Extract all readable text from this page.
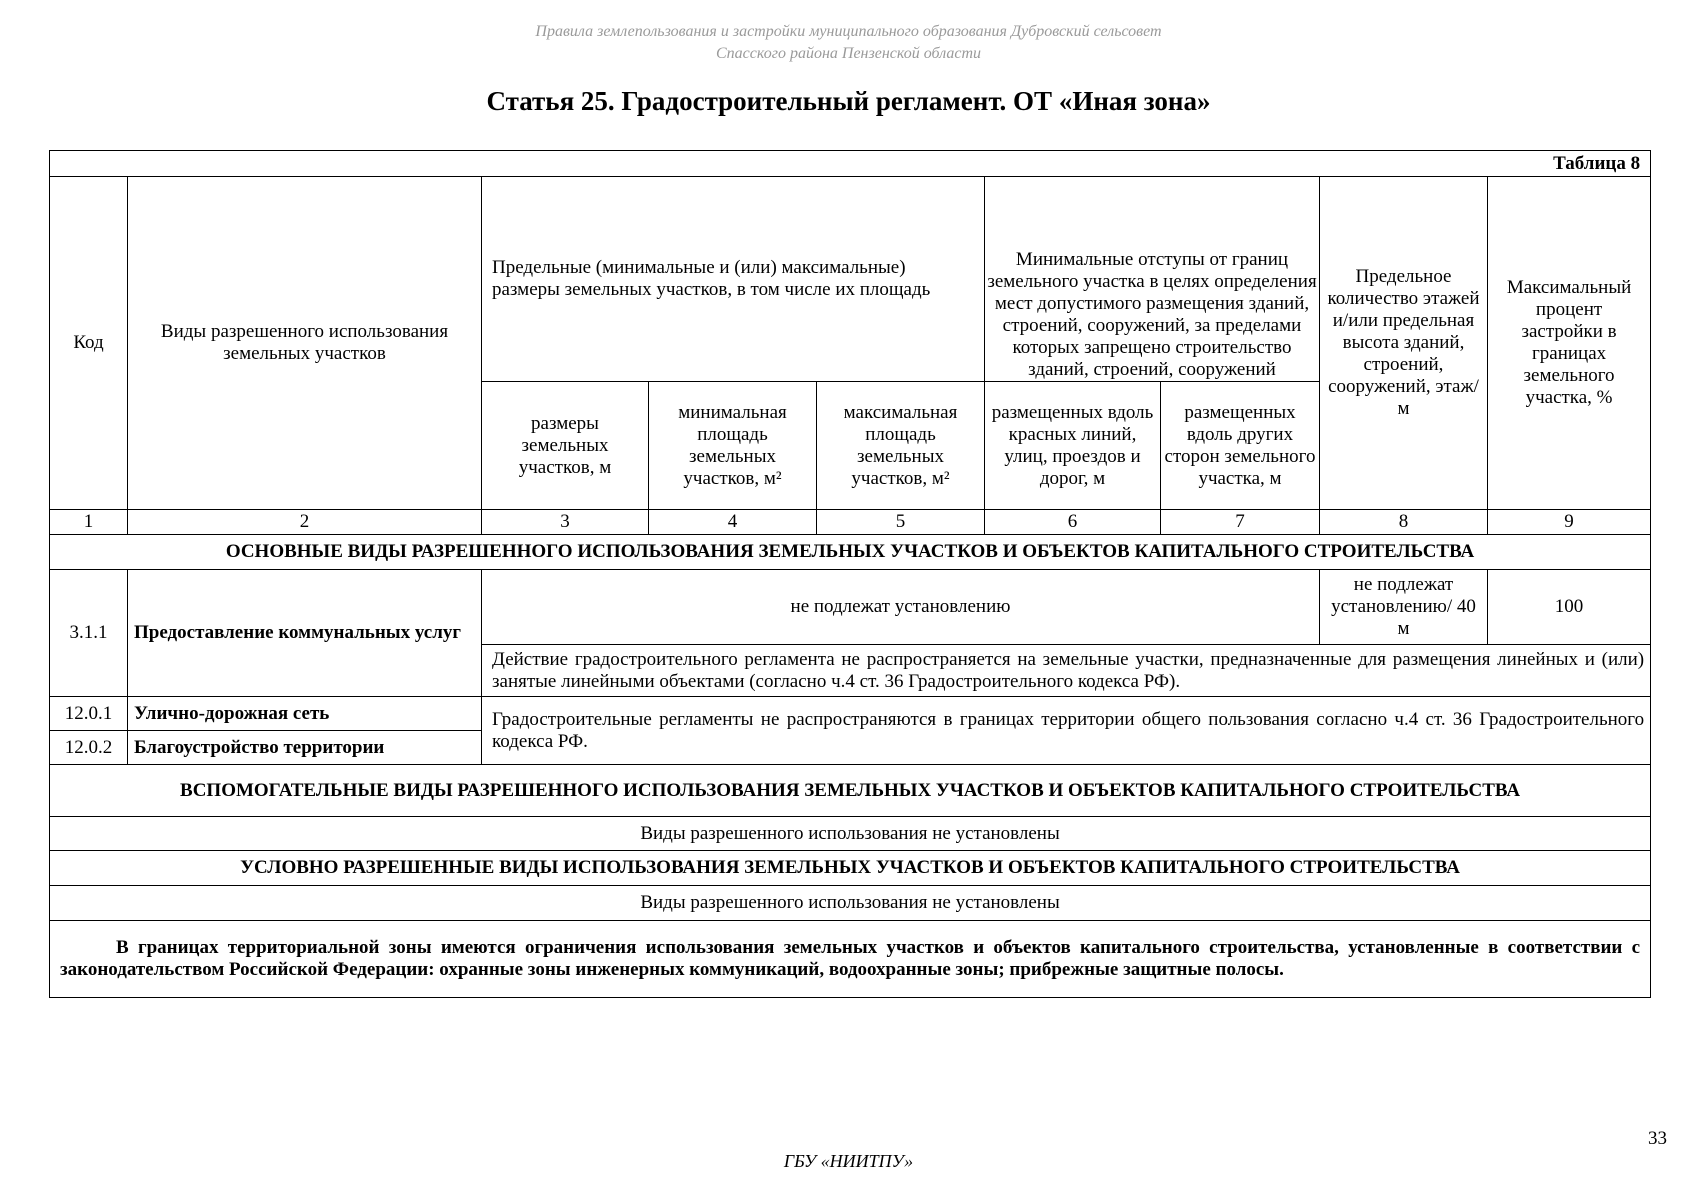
Правила землепользования и застройки муниципального образования Дубровский сельсовет
Спасского района Пензенской области
Статья 25. Градостроительный регламент. ОТ «Иная зона»
Таблица 8								
Код	Виды разрешенного использования земельных участков	Предельные (минимальные и (или) максимальные) размеры земельных участков, в том числе их площадь			Минимальные отступы от границ земельного участка в целях определения мест допустимого размещения зданий, строений, сооружений, за пределами которых запрещено строительство зданий, строений, сооружений		Предельное количество этажей и/или предельная высота зданий, строений, сооружений, этаж/м	Максимальный процент застройки в границах земельного участка, %
		размеры земельных участков, м	минимальная площадь земельных участков, м²	максимальная площадь земельных участков, м²	размещенных вдоль красных линий, улиц, проездов и дорог, м	размещенных вдоль других сторон земельного участка, м		
1	2	3	4	5	6	7	8	9
ОСНОВНЫЕ ВИДЫ РАЗРЕШЕННОГО ИСПОЛЬЗОВАНИЯ ЗЕМЕЛЬНЫХ УЧАСТКОВ И ОБЪЕКТОВ КАПИТАЛЬНОГО СТРОИТЕЛЬСТВА								
3.1.1	Предоставление коммунальных услуг	не подлежат установлению					не подлежат установлению/ 40 м	100
		Действие градостроительного регламента не распространяется на земельные участки, предназначенные для размещения линейных и (или) занятые линейными объектами (согласно ч.4 ст. 36 Градостроительного кодекса РФ).						
12.0.1	Улично-дорожная сеть	Градостроительные регламенты не распространяются в границах территории общего пользования согласно ч.4 ст. 36 Градостроительного кодекса РФ.						
12.0.2	Благоустройство территории							
ВСПОМОГАТЕЛЬНЫЕ ВИДЫ РАЗРЕШЕННОГО ИСПОЛЬЗОВАНИЯ ЗЕМЕЛЬНЫХ УЧАСТКОВ И ОБЪЕКТОВ КАПИТАЛЬНОГО СТРОИТЕЛЬСТВА								
Виды разрешенного использования не установлены								
УСЛОВНО РАЗРЕШЕННЫЕ ВИДЫ ИСПОЛЬЗОВАНИЯ ЗЕМЕЛЬНЫХ УЧАСТКОВ И ОБЪЕКТОВ КАПИТАЛЬНОГО СТРОИТЕЛЬСТВА								
Виды разрешенного использования не установлены								
В границах территориальной зоны имеются ограничения использования земельных участков и объектов капитального строительства, установленные в соответствии с законодательством Российской Федерации: охранные зоны инженерных коммуникаций, водоохранные зоны; прибрежные защитные полосы.								
33
ГБУ «НИИТПУ»
